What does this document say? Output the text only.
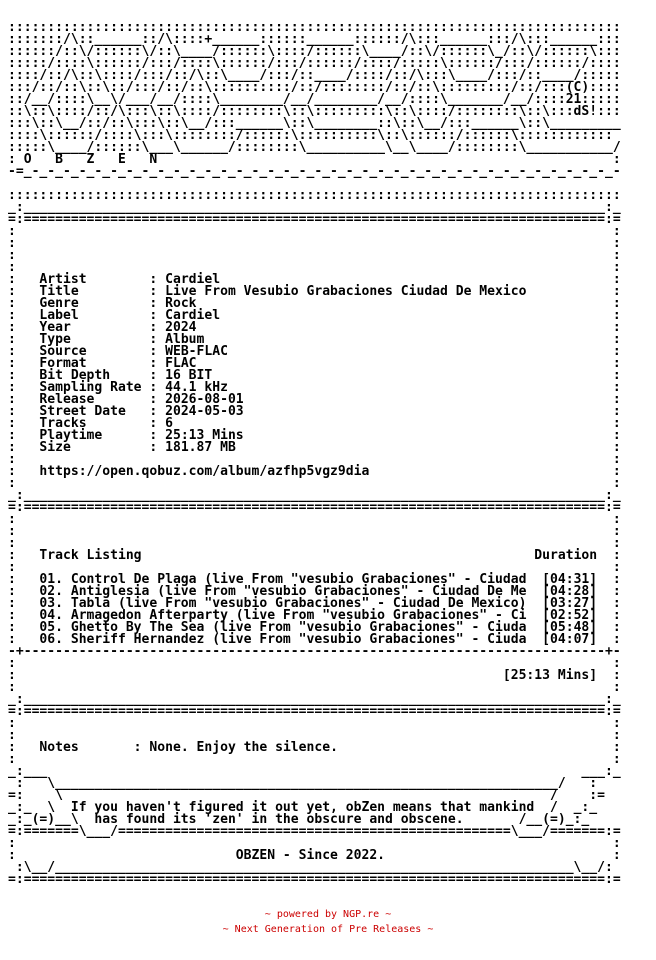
::::::::::::::::::::::::::::::::::::::::::::::::::::::::::::::::::::::::::::::
:::::::/\::______::/\::::+______::::::______::::::/\:::______:::/\:::______:::
::::::/::\/::::::\/::\____/::::::\::::/::::::\____/::\/::::::\_/::\/::::::\:::
:::::/::::\::::::/:::/::::\::::::/:::/::::::/::::/:::::\::::::/:::/::::::/::::
::::/::/\::\::::/:::/::/\::\____/:::/::____/::::/::/\:::\____/:::/::____/:::::
:::/::/::\::\::/:::/::/::\::::::::::/::/::::::::/::/::\:::::::::/::/:::(C)::::
::/__/::::\__\/___/__/::::\________/__/________/__/::::\_______/__/::::21:::::
::\::\::::/::/\:::\::\::::/::::::::\::\:::::::::\::\::::/::::::::\::\:::dS!:::
:::\::\__/::/::\:::\::\__/:::______\::\________::\::\__/:::______\::\_________
::::\::::::/::::\:::\::::::::/::::::\::::::::::\::\::::::/::::::\::::::::::::
:::::\____/::::::\___\______/::::::::\__________\__\____/::::::::\___________/
: O   B   Z   E   N                                                          :
-=_-_-_-_-_-_-_-_-_-_-_-_-_-_-_-_-_-_-_-_-_-_-_-_-_-_-_-_-_-_-_-_-_-_-_-_-_-_-

::::::::::::::::::::::::::::::::::::::::::::::::::::::::::::::::::::::::::::::
_:__________________________________________________________________________:_
=:==========================================================================:=
:                                                                            :
:                                                                            :
:                                                                            :
:                                                                            :
:   Artist        : Cardiel                                                  :
:   Title         : Live From Vesubio Grabaciones Ciudad De Mexico           :
:   Genre         : Rock                                                     :
:   Label         : Cardiel                                                  :
:   Year          : 2024                                                     :
:   Type          : Album                                                    :
:   Source        : WEB-FLAC                                                 :
:   Format        : FLAC                                                     :
:   Bit Depth     : 16 BIT                                                   :
:   Sampling Rate : 44.1 kHz                                                 :
:   Release       : 2026-08-01                                               :
:   Street Date   : 2024-05-03                                               :
:   Tracks        : 6                                                        :
:   Playtime      : 25:13 Mins                                               :
:   Size          : 181.87 MB                                                :
:                                                                            :
:   https://open.qobuz.com/album/azfhp5vgz9dia                               :
:                                                                            :
_:__________________________________________________________________________:_
=:==========================================================================:=
:                                                                            :
:                                                                            :
:                                                                            :
:   Track Listing                                                  Duration  :
:                                                                            :
:   01. Control De Plaga (live From "vesubio Grabaciones" - Ciudad  [04:31]  :
:   02. Antiglesia (live From "vesubio Grabaciones" - Ciudad De Me  [04:28]  :
:   03. Tabla (live From "vesubio Grabaciones" - Ciudad De Mexico)  [03:27]  :
:   04. Armagedon Afterparty (live From "vesubio Grabaciones" - Ci  [02:52]  :
:   05. Ghetto By The Sea (live From "vesubio Grabaciones" - Ciuda  [05:48]  :
:   06. Sheriff Hernandez (live From "vesubio Grabaciones" - Ciuda  [04:07]  :
-+--------------------------------------------------------------------------+-
:                                                                            :
:                                                              [25:13 Mins]  :
:                                                                            :
_:__________________________________________________________________________:_
=:==========================================================================:=
:                                                                            :
:                                                                            :
:   Notes       : None. Enjoy the silence.                                   :
:                                                                            :
_:___                                                                    ___:_
:   \________________________________________________________________/   :
=:    \                                                              /    :=
_:_  \  If you haven't figured it out yet, obZen means that mankind  /  _:_
_:_(=)__\  has found its 'zen' in the obscure and obscene.       /__(=)_:_
=:=======\___/==================================================\___/=======:=
:                                                                            :
:                            OBZEN - Since 2022.                             :
:\__/__________________________________________________________________\__/:
=:==========================================================================:=

~ powered by NGP.re ~
~ Next Generation of Pre Releases ~
